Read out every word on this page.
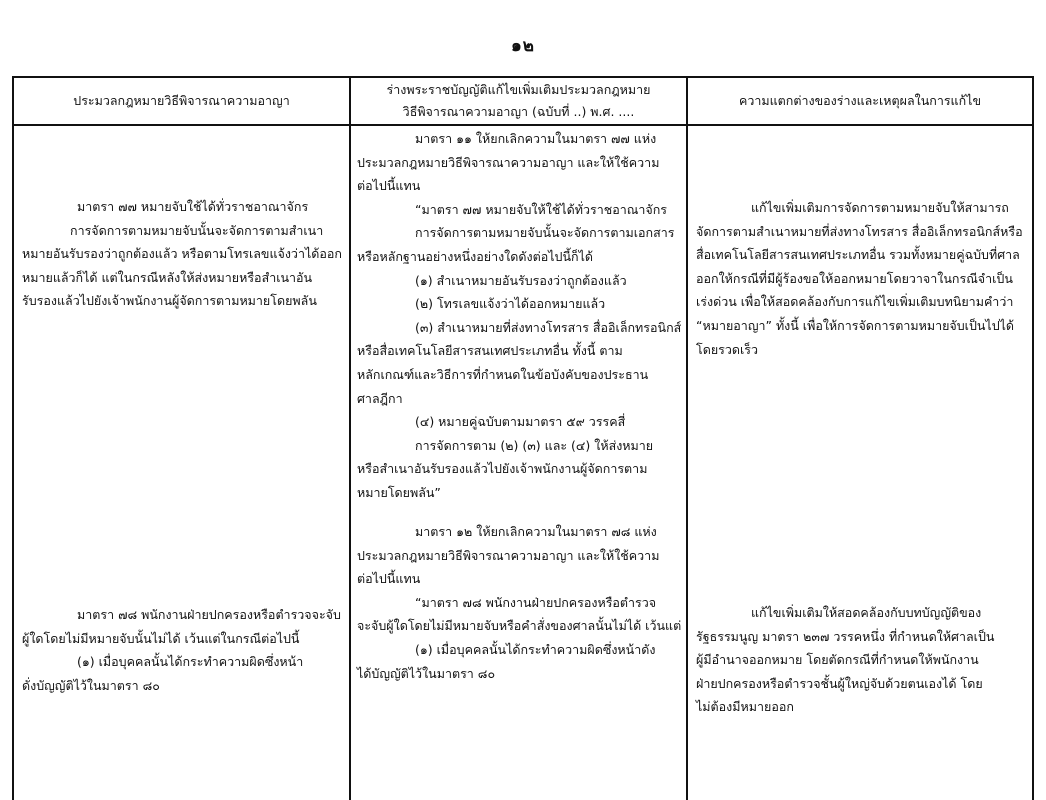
๑๒
ประมวลกฎหมายวิธีพิจารณาความอาญา
ร่างพระราชบัญญัติแก้ไขเพิ่มเติมประมวลกฎหมาย
วิธีพิจารณาความอาญา (ฉบับที่ ..) พ.ศ. ....
ความแตกต่างของร่างและเหตุผลในการแก้ไข

มาตรา ๗๗ หมายจับใช้ได้ทั่วราชอาณาจักร

การจัดการตามหมายจับนั้นจะจัดการตามสำเนา

หมายอันรับรองว่าถูกต้องแล้ว หรือตามโทรเลขแจ้งว่าได้ออก

หมายแล้วก็ได้ แต่ในกรณีหลังให้ส่งหมายหรือสำเนาอัน

รับรองแล้วไปยังเจ้าพนักงานผู้จัดการตามหมายโดยพลัน

มาตรา ๗๘ พนักงานฝ่ายปกครองหรือตำรวจจะจับ

ผู้ใดโดยไม่มีหมายจับนั้นไม่ได้ เว้นแต่ในกรณีต่อไปนี้

(๑) เมื่อบุคคลนั้นได้กระทำความผิดซึ่งหน้า

ดั่งบัญญัติไว้ในมาตรา ๘๐

มาตรา ๑๑ ให้ยกเลิกความในมาตรา ๗๗ แห่ง

ประมวลกฎหมายวิธีพิจารณาความอาญา และให้ใช้ความ

ต่อไปนี้แทน

“มาตรา ๗๗ หมายจับให้ใช้ได้ทั่วราชอาณาจักร

การจัดการตามหมายจับนั้นจะจัดการตามเอกสาร

หรือหลักฐานอย่างหนึ่งอย่างใดดังต่อไปนี้ก็ได้

(๑) สำเนาหมายอันรับรองว่าถูกต้องแล้ว

(๒) โทรเลขแจ้งว่าได้ออกหมายแล้ว

(๓) สำเนาหมายที่ส่งทางโทรสาร สื่ออิเล็กทรอนิกส์

หรือสื่อเทคโนโลยีสารสนเทศประเภทอื่น ทั้งนี้ ตาม

หลักเกณฑ์และวิธีการที่กำหนดในข้อบังคับของประธาน

ศาลฎีกา

(๔) หมายคู่ฉบับตามมาตรา ๕๙ วรรคสี่

การจัดการตาม (๒) (๓) และ (๔) ให้ส่งหมาย

หรือสำเนาอันรับรองแล้วไปยังเจ้าพนักงานผู้จัดการตาม

หมายโดยพลัน”

มาตรา ๑๒ ให้ยกเลิกความในมาตรา ๗๘ แห่ง

ประมวลกฎหมายวิธีพิจารณาความอาญา และให้ใช้ความ

ต่อไปนี้แทน

“มาตรา ๗๘ พนักงานฝ่ายปกครองหรือตำรวจ

จะจับผู้ใดโดยไม่มีหมายจับหรือคำสั่งของศาลนั้นไม่ได้ เว้นแต่

(๑) เมื่อบุคคลนั้นได้กระทำความผิดซึ่งหน้าดัง

ได้บัญญัติไว้ในมาตรา ๘๐

แก้ไขเพิ่มเติมการจัดการตามหมายจับให้สามารถ

จัดการตามสำเนาหมายที่ส่งทางโทรสาร สื่ออิเล็กทรอนิกส์หรือ

สื่อเทคโนโลยีสารสนเทศประเภทอื่น รวมทั้งหมายคู่ฉบับที่ศาล

ออกให้กรณีที่มีผู้ร้องขอให้ออกหมายโดยวาจาในกรณีจำเป็น

เร่งด่วน เพื่อให้สอดคล้องกับการแก้ไขเพิ่มเติมบทนิยามคำว่า

“หมายอาญา” ทั้งนี้ เพื่อให้การจัดการตามหมายจับเป็นไปได้

โดยรวดเร็ว

แก้ไขเพิ่มเติมให้สอดคล้องกับบทบัญญัติของ

รัฐธรรมนูญ มาตรา ๒๓๗ วรรคหนึ่ง ที่กำหนดให้ศาลเป็น

ผู้มีอำนาจออกหมาย โดยตัดกรณีที่กำหนดให้พนักงาน

ฝ่ายปกครองหรือตำรวจชั้นผู้ใหญ่จับด้วยตนเองได้ โดย

ไม่ต้องมีหมายออก
